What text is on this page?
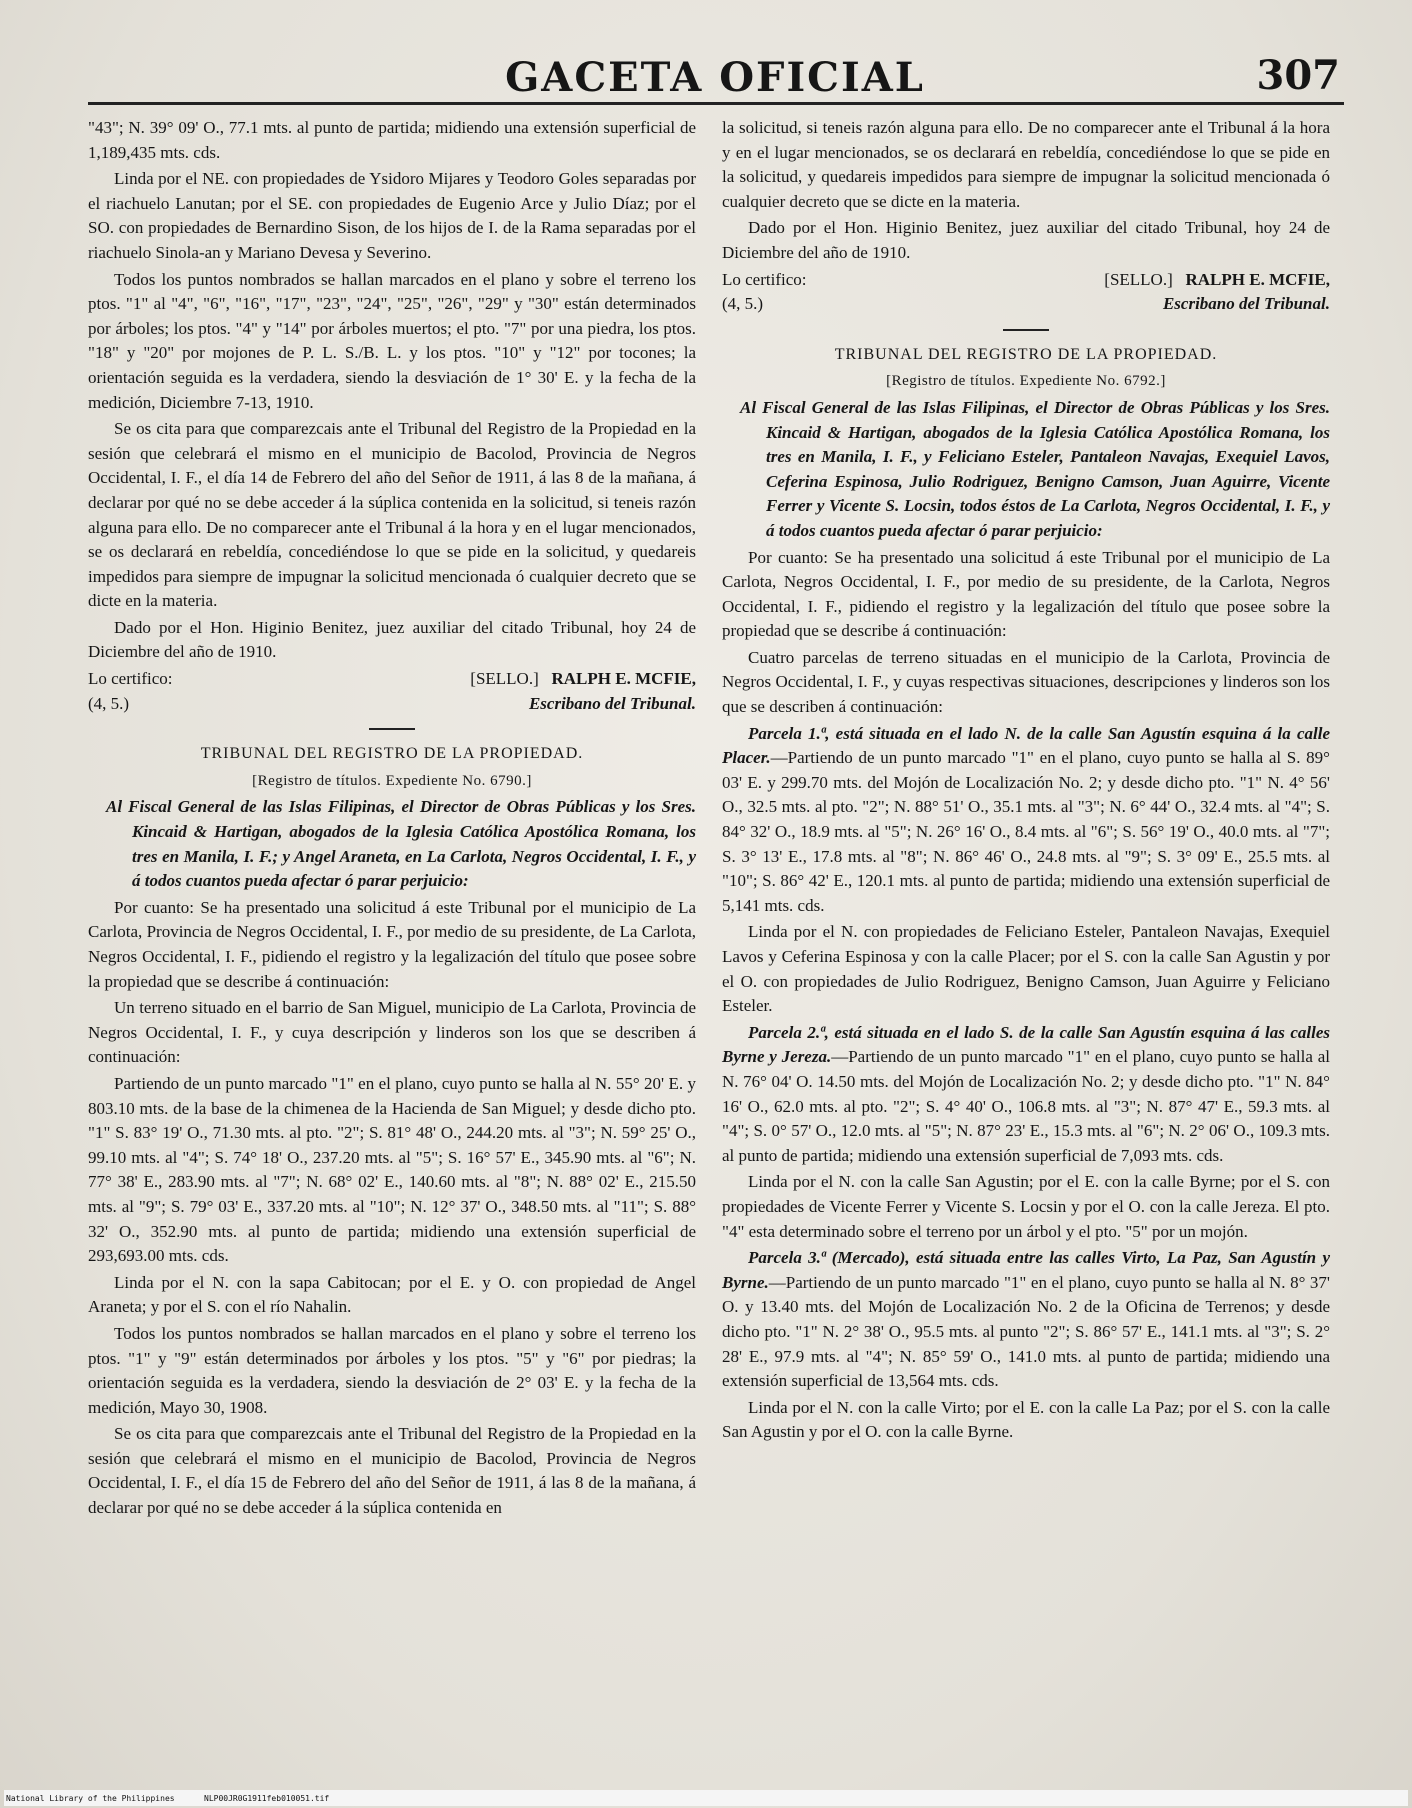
GACETA OFICIAL	307

"43"; N. 39° 09' O., 77.1 mts. al punto de partida; midiendo una extensión superficial de 1,189,435 mts. cds.

Linda por el NE. con propiedades de Ysidoro Mijares y Teodoro Goles separadas por el riachuelo Lanutan; por el SE. con propiedades de Eugenio Arce y Julio Díaz; por el SO. con propiedades de Bernardino Sison, de los hijos de I. de la Rama separadas por el riachuelo Sinola-an y Mariano Devesa y Severino.

Todos los puntos nombrados se hallan marcados en el plano y sobre el terreno los ptos. "1" al "4", "6", "16", "17", "23", "24", "25", "26", "29" y "30" están determinados por árboles; los ptos. "4" y "14" por árboles muertos; el pto. "7" por una piedra, los ptos. "18" y "20" por mojones de P. L. S./B. L. y los ptos. "10" y "12" por tocones; la orientación seguida es la verdadera, siendo la desviación de 1° 30' E. y la fecha de la medición, Diciembre 7-13, 1910.

Se os cita para que comparezcais ante el Tribunal del Registro de la Propiedad en la sesión que celebrará el mismo en el municipio de Bacolod, Provincia de Negros Occidental, I. F., el día 14 de Febrero del año del Señor de 1911, á las 8 de la mañana, á declarar por qué no se debe acceder á la súplica contenida en la solicitud, si teneis razón alguna para ello. De no comparecer ante el Tribunal á la hora y en el lugar mencionados, se os declarará en rebeldía, concediéndose lo que se pide en la solicitud, y quedareis impedidos para siempre de impugnar la solicitud mencionada ó cualquier decreto que se dicte en la materia.

Dado por el Hon. Higinio Benitez, juez auxiliar del citado Tribunal, hoy 24 de Diciembre del año de 1910.

Lo certifico:	[SELLO.] RALPH E. MCFIE,
(4, 5.)	Escribano del Tribunal.

TRIBUNAL DEL REGISTRO DE LA PROPIEDAD.

[Registro de títulos. Expediente No. 6790.]

Al Fiscal General de las Islas Filipinas, el Director de Obras Públicas y los Sres. Kincaid & Hartigan, abogados de la Iglesia Católica Apostólica Romana, los tres en Manila, I. F.; y Angel Araneta, en La Carlota, Negros Occidental, I. F., y á todos cuantos pueda afectar ó parar perjuicio:

Por cuanto: Se ha presentado una solicitud á este Tribunal por el municipio de La Carlota, Provincia de Negros Occidental, I. F., por medio de su presidente, de La Carlota, Negros Occidental, I. F., pidiendo el registro y la legalización del título que posee sobre la propiedad que se describe á continuación:

Un terreno situado en el barrio de San Miguel, municipio de La Carlota, Provincia de Negros Occidental, I. F., y cuya descripción y linderos son los que se describen á continuación:

Partiendo de un punto marcado "1" en el plano, cuyo punto se halla al N. 55° 20' E. y 803.10 mts. de la base de la chimenea de la Hacienda de San Miguel; y desde dicho pto. "1" S. 83° 19' O., 71.30 mts. al pto. "2"; S. 81° 48' O., 244.20 mts. al "3"; N. 59° 25' O., 99.10 mts. al "4"; S. 74° 18' O., 237.20 mts. al "5"; S. 16° 57' E., 345.90 mts. al "6"; N. 77° 38' E., 283.90 mts. al "7"; N. 68° 02' E., 140.60 mts. al "8"; N. 88° 02' E., 215.50 mts. al "9"; S. 79° 03' E., 337.20 mts. al "10"; N. 12° 37' O., 348.50 mts. al "11"; S. 88° 32' O., 352.90 mts. al punto de partida; midiendo una extensión superficial de 293,693.00 mts. cds.

Linda por el N. con la sapa Cabitocan; por el E. y O. con propiedad de Angel Araneta; y por el S. con el río Nahalin.

Todos los puntos nombrados se hallan marcados en el plano y sobre el terreno los ptos. "1" y "9" están determinados por árboles y los ptos. "5" y "6" por piedras; la orientación seguida es la verdadera, siendo la desviación de 2° 03' E. y la fecha de la medición, Mayo 30, 1908.

Se os cita para que comparezcais ante el Tribunal del Registro de la Propiedad en la sesión que celebrará el mismo en el municipio de Bacolod, Provincia de Negros Occidental, I. F., el día 15 de Febrero del año del Señor de 1911, á las 8 de la mañana, á declarar por qué no se debe acceder á la súplica contenida en

la solicitud, si teneis razón alguna para ello. De no comparecer ante el Tribunal á la hora y en el lugar mencionados, se os declarará en rebeldía, concediéndose lo que se pide en la solicitud, y quedareis impedidos para siempre de impugnar la solicitud mencionada ó cualquier decreto que se dicte en la materia.

Dado por el Hon. Higinio Benitez, juez auxiliar del citado Tribunal, hoy 24 de Diciembre del año de 1910.

Lo certifico:	[SELLO.] RALPH E. MCFIE,
(4, 5.)	Escribano del Tribunal.

TRIBUNAL DEL REGISTRO DE LA PROPIEDAD.

[Registro de títulos. Expediente No. 6792.]

Al Fiscal General de las Islas Filipinas, el Director de Obras Públicas y los Sres. Kincaid & Hartigan, abogados de la Iglesia Católica Apostólica Romana, los tres en Manila, I. F., y Feliciano Esteler, Pantaleon Navajas, Exequiel Lavos, Ceferina Espinosa, Julio Rodriguez, Benigno Camson, Juan Aguirre, Vicente Ferrer y Vicente S. Locsin, todos éstos de La Carlota, Negros Occidental, I. F., y á todos cuantos pueda afectar ó parar perjuicio:

Por cuanto: Se ha presentado una solicitud á este Tribunal por el municipio de La Carlota, Negros Occidental, I. F., por medio de su presidente, de la Carlota, Negros Occidental, I. F., pidiendo el registro y la legalización del título que posee sobre la propiedad que se describe á continuación:

Cuatro parcelas de terreno situadas en el municipio de la Carlota, Provincia de Negros Occidental, I. F., y cuyas respectivas situaciones, descripciones y linderos son los que se describen á continuación:

Parcela 1.ª, está situada en el lado N. de la calle San Agustín esquina á la calle Placer.—Partiendo de un punto marcado "1" en el plano, cuyo punto se halla al S. 89° 03' E. y 299.70 mts. del Mojón de Localización No. 2; y desde dicho pto. "1" N. 4° 56' O., 32.5 mts. al pto. "2"; N. 88° 51' O., 35.1 mts. al "3"; N. 6° 44' O., 32.4 mts. al "4"; S. 84° 32' O., 18.9 mts. al "5"; N. 26° 16' O., 8.4 mts. al "6"; S. 56° 19' O., 40.0 mts. al "7"; S. 3° 13' E., 17.8 mts. al "8"; N. 86° 46' O., 24.8 mts. al "9"; S. 3° 09' E., 25.5 mts. al "10"; S. 86° 42' E., 120.1 mts. al punto de partida; midiendo una extensión superficial de 5,141 mts. cds.

Linda por el N. con propiedades de Feliciano Esteler, Pantaleon Navajas, Exequiel Lavos y Ceferina Espinosa y con la calle Placer; por el S. con la calle San Agustin y por el O. con propiedades de Julio Rodriguez, Benigno Camson, Juan Aguirre y Feliciano Esteler.

Parcela 2.ª, está situada en el lado S. de la calle San Agustín esquina á las calles Byrne y Jereza.—Partiendo de un punto marcado "1" en el plano, cuyo punto se halla al N. 76° 04' O. 14.50 mts. del Mojón de Localización No. 2; y desde dicho pto. "1" N. 84° 16' O., 62.0 mts. al pto. "2"; S. 4° 40' O., 106.8 mts. al "3"; N. 87° 47' E., 59.3 mts. al "4"; S. 0° 57' O., 12.0 mts. al "5"; N. 87° 23' E., 15.3 mts. al "6"; N. 2° 06' O., 109.3 mts. al punto de partida; midiendo una extensión superficial de 7,093 mts. cds.

Linda por el N. con la calle San Agustin; por el E. con la calle Byrne; por el S. con propiedades de Vicente Ferrer y Vicente S. Locsin y por el O. con la calle Jereza. El pto. "4" esta determinado sobre el terreno por un árbol y el pto. "5" por un mojón.

Parcela 3.ª (Mercado), está situada entre las calles Virto, La Paz, San Agustín y Byrne.—Partiendo de un punto marcado "1" en el plano, cuyo punto se halla al N. 8° 37' O. y 13.40 mts. del Mojón de Localización No. 2 de la Oficina de Terrenos; y desde dicho pto. "1" N. 2° 38' O., 95.5 mts. al punto "2"; S. 86° 57' E., 141.1 mts. al "3"; S. 2° 28' E., 97.9 mts. al "4"; N. 85° 59' O., 141.0 mts. al punto de partida; midiendo una extensión superficial de 13,564 mts. cds.

Linda por el N. con la calle Virto; por el E. con la calle La Paz; por el S. con la calle San Agustin y por el O. con la calle Byrne.

National Library of the Philippines	NLP00JR0G1911feb010051.tif
